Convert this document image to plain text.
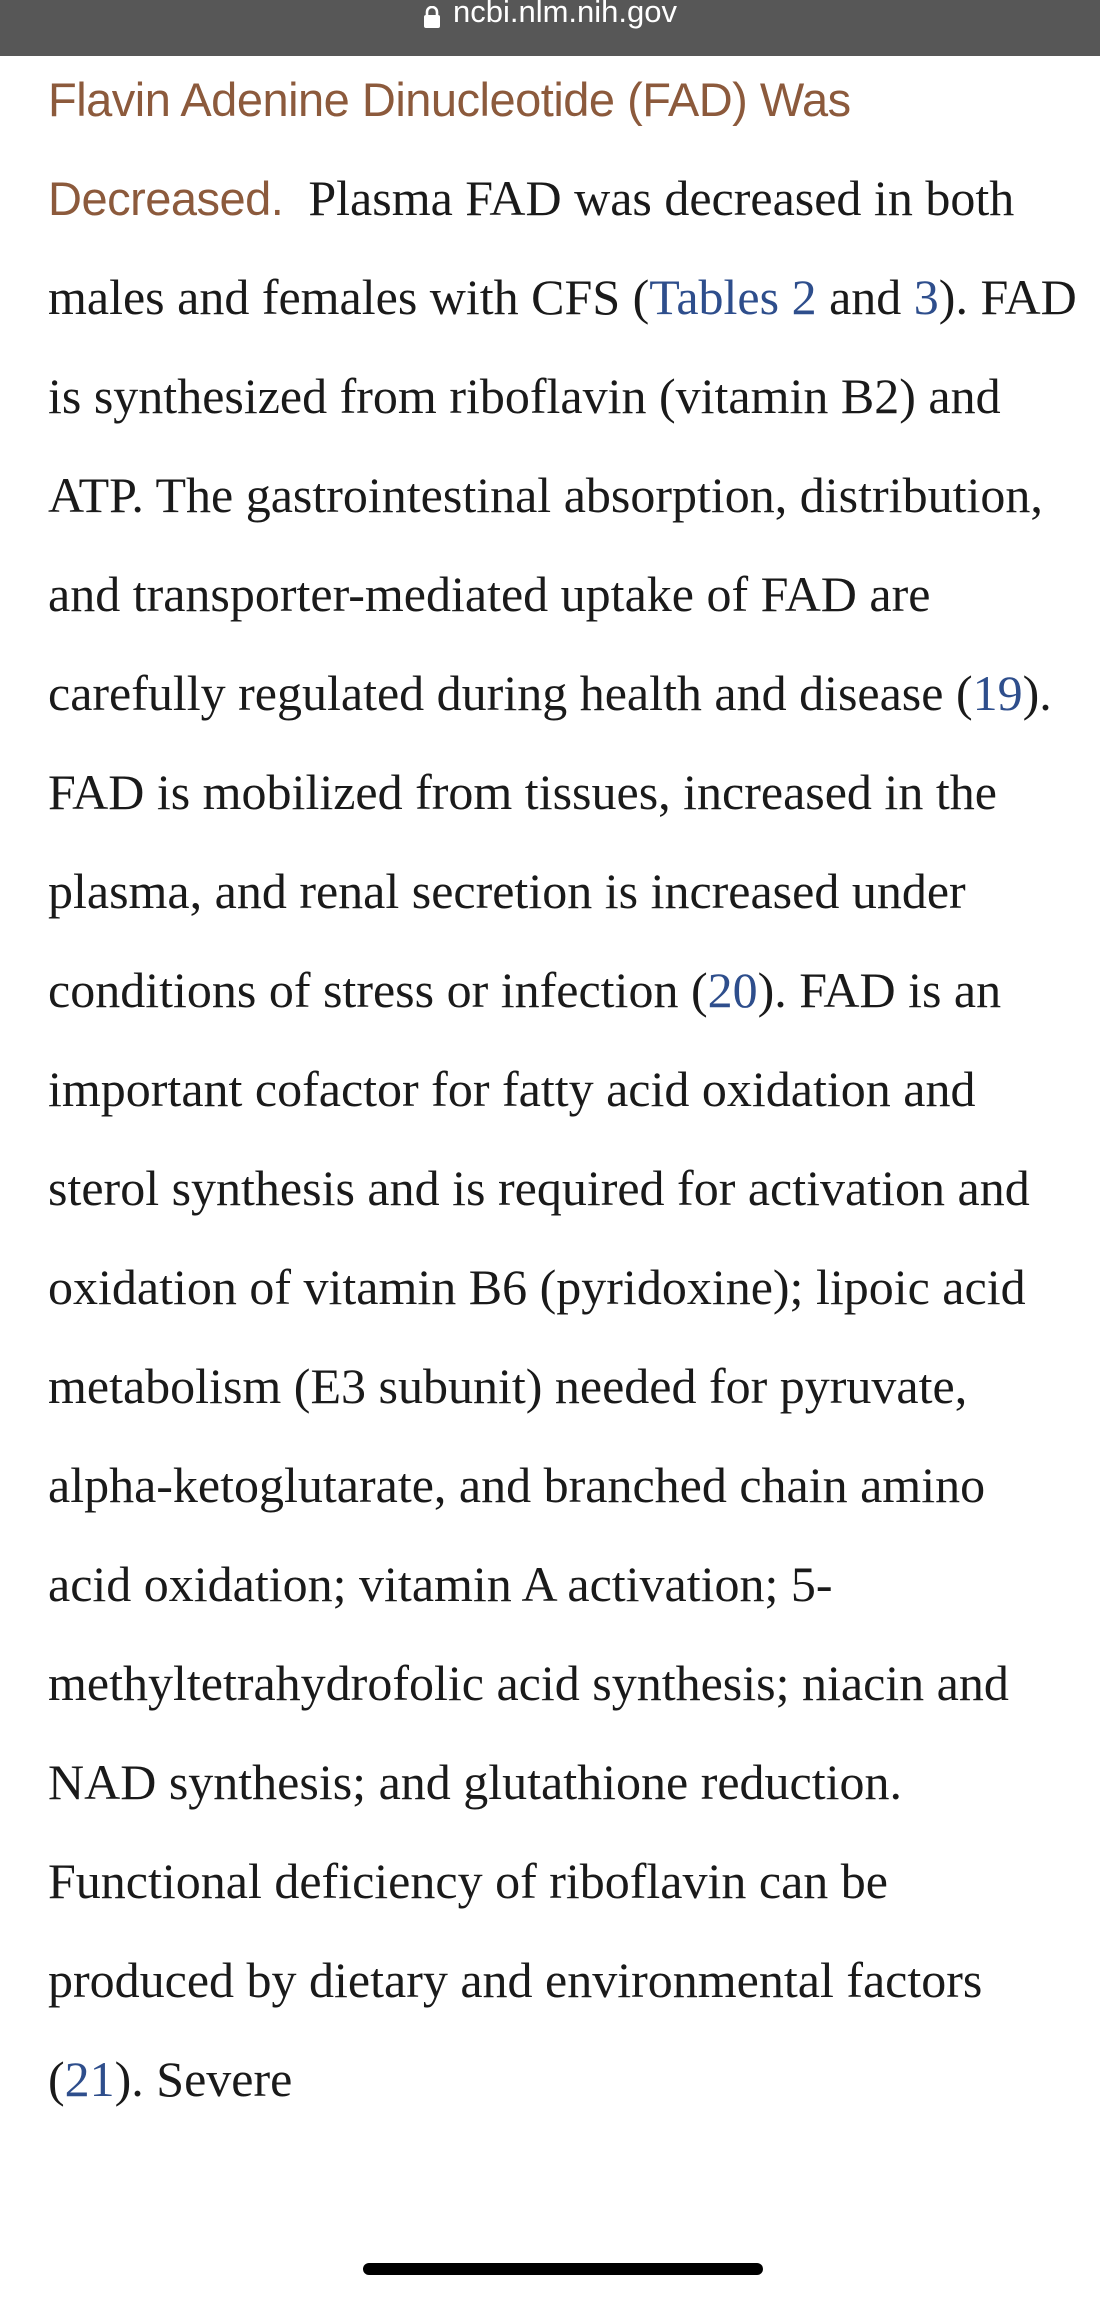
ncbi.nlm.nih.gov

Flavin Adenine Dinucleotide (FAD) Was Decreased. Plasma FAD was decreased in both males and females with CFS (Tables 2 and 3). FAD is synthesized from riboflavin (vitamin B2) and ATP. The gastrointestinal absorption, distribution, and transporter-mediated uptake of FAD are carefully regulated during health and disease (19). FAD is mobilized from tissues, increased in the plasma, and renal secretion is increased under conditions of stress or infection (20). FAD is an important cofactor for fatty acid oxidation and sterol synthesis and is required for activation and oxidation of vitamin B6 (pyridoxine); lipoic acid metabolism (E3 subunit) needed for pyruvate, alpha-ketoglutarate, and branched chain amino acid oxidation; vitamin A activation; 5-methyltetrahydrofolic acid synthesis; niacin and NAD synthesis; and glutathione reduction. Functional deficiency of riboflavin can be produced by dietary and environmental factors (21). Severe
